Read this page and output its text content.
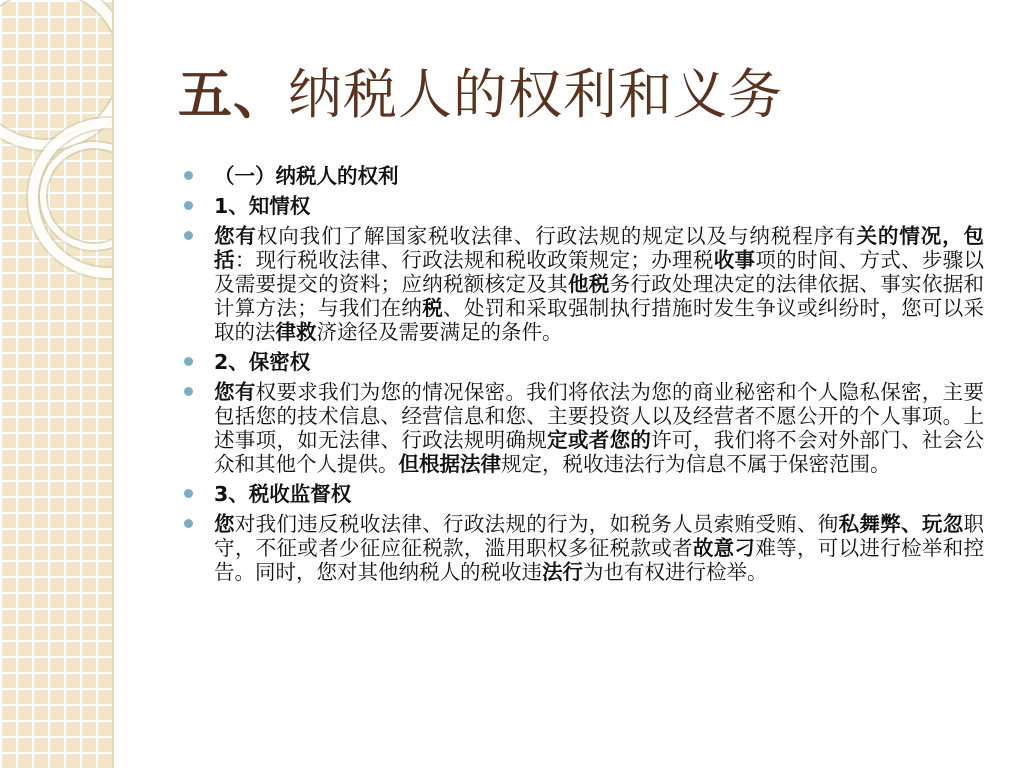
五、纳税人的权利和义务
（一）纳税人的权利
1、知情权
您有权向我们了解国家税收法律、行政法规的规定以及与纳税程序有关的情况，包括：现行税收法律、行政法规和税收政策规定；办理税收事项的时间、方式、步骤以及需要提交的资料；应纳税额核定及其他税务行政处理决定的法律依据、事实依据和计算方法；与我们在纳税、处罚和采取强制执行措施时发生争议或纠纷时，您可以采取的法律救济途径及需要满足的条件。
2、保密权
您有权要求我们为您的情况保密。我们将依法为您的商业秘密和个人隐私保密，主要包括您的技术信息、经营信息和您、主要投资人以及经营者不愿公开的个人事项。上述事项，如无法律、行政法规明确规定或者您的许可，我们将不会对外部门、社会公众和其他个人提供。但根据法律规定，税收违法行为信息不属于保密范围。
3、税收监督权
您对我们违反税收法律、行政法规的行为，如税务人员索贿受贿、徇私舞弊、玩忽职守，不征或者少征应征税款，滥用职权多征税款或者故意刁难等，可以进行检举和控告。同时，您对其他纳税人的税收违法行为也有权进行检举。
